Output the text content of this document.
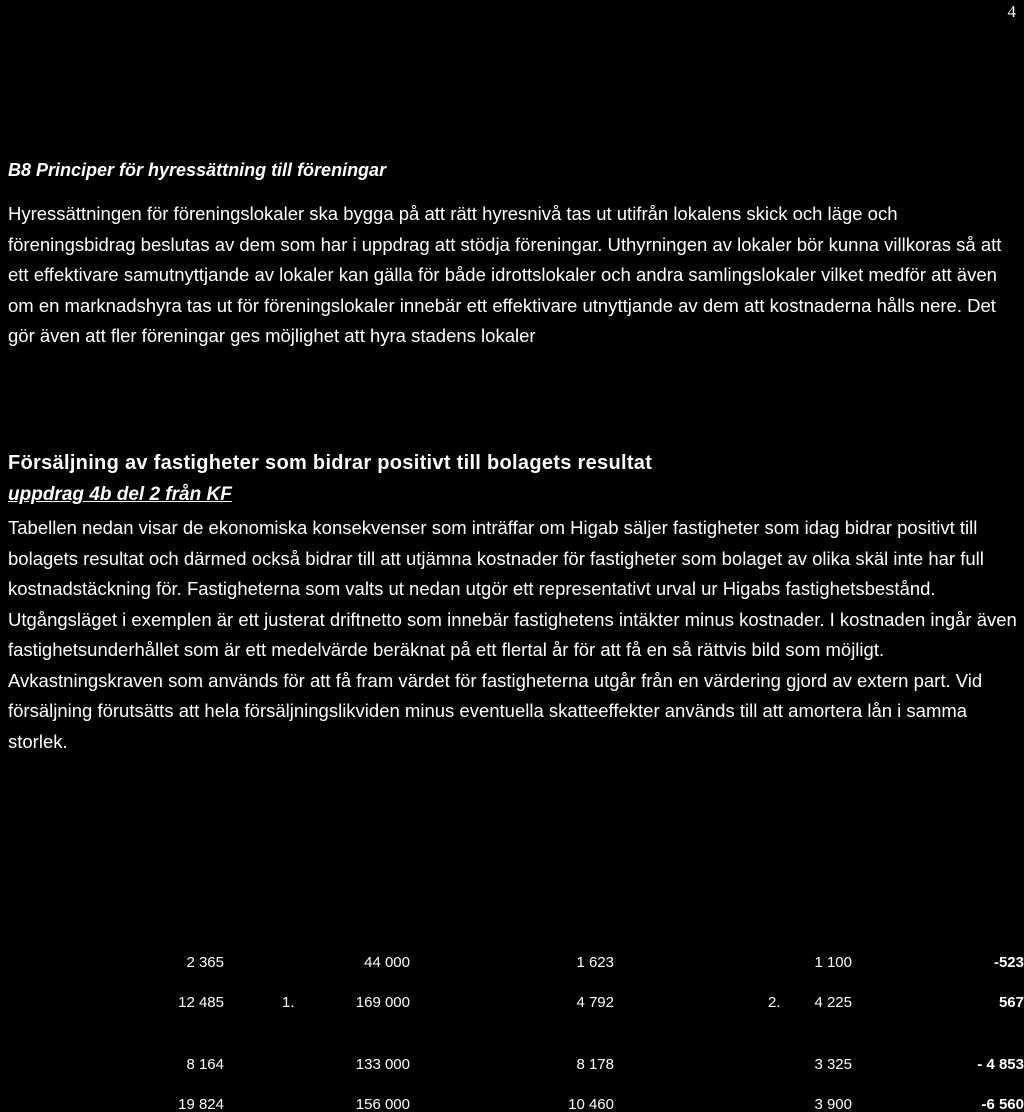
4
B8 Principer för hyressättning till föreningar

Hyressättningen för föreningslokaler ska bygga på att rätt hyresnivå tas ut utifrån lokalens skick och läge och föreningsbidrag beslutas av dem som har i uppdrag att stödja föreningar. Uthyrningen av lokaler bör kunna villkoras så att ett effektivare samutnyttjande av lokaler kan gälla för både idrottslokaler och andra samlingslokaler vilket medför att även om en marknadshyra tas ut för föreningslokaler innebär ett effektivare utnyttjande av dem att kostnaderna hålls nere. Det gör även att fler föreningar ges möjlighet att hyra stadens lokaler

Försäljning av fastigheter som bidrar positivt till bolagets resultat
uppdrag 4b del 2 från KF

Tabellen nedan visar de ekonomiska konsekvenser som inträffar om Higab säljer fastigheter som idag bidrar positivt till bolagets resultat och därmed också bidrar till att utjämna kostnader för fastigheter som bolaget av olika skäl inte har full kostnadstäckning för. Fastigheterna som valts ut nedan utgör ett representativt urval ur Higabs fastighetsbestånd. Utgångsläget i exemplen är ett justerat driftnetto som innebär fastighetens intäkter minus kostnader. I kostnaden ingår även fastighetsunderhållet som är ett medelvärde beräknat på ett flertal år för att få en så rättvis bild som möjligt. Avkastningskraven som används för att få fram värdet för fastigheterna utgår från en värdering gjord av extern part. Vid försäljning förutsätts att hela försäljningslikviden minus eventuella skatteeffekter används till att amortera lån i samma storlek.

2 365	44 000	1 623	1 100	-523
12 485	1.	169 000	4 792	2. 4 225	567
8 164	133 000	8 178	3 325	- 4 853
19 824	156 000	10 460	3 900	-6 560
